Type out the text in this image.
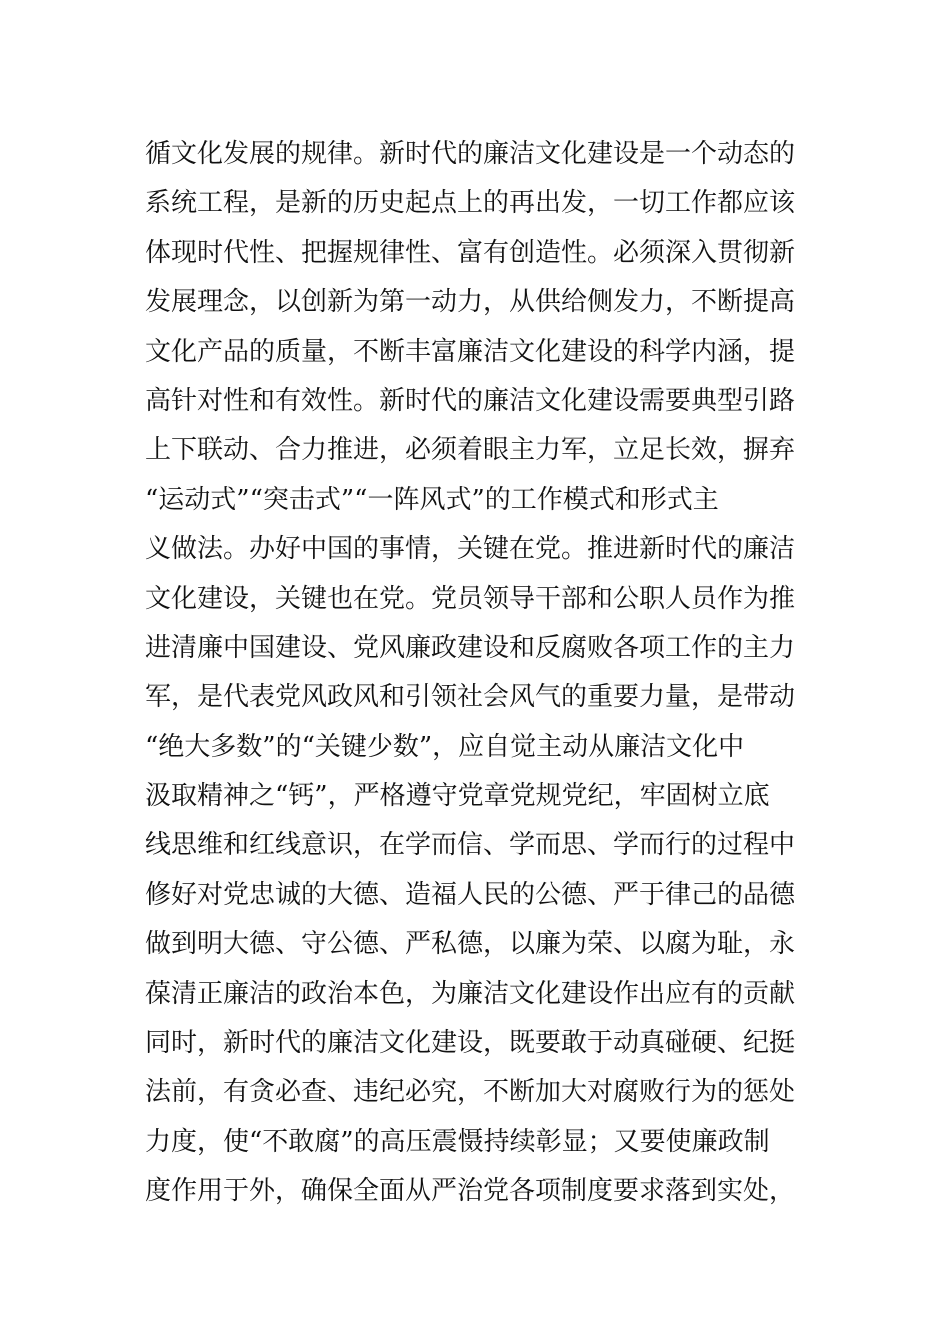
循文化发展的规律。新时代的廉洁文化建设是一个动态的
系统工程，是新的历史起点上的再出发，一切工作都应该
体现时代性、把握规律性、富有创造性。必须深入贯彻新
发展理念，以创新为第一动力，从供给侧发力，不断提高
文化产品的质量，不断丰富廉洁文化建设的科学内涵，提
高针对性和有效性。新时代的廉洁文化建设需要典型引路
上下联动、合力推进，必须着眼主力军，立足长效，摒弃
“运动式”“突击式”“一阵风式”的工作模式和形式主
义做法。办好中国的事情，关键在党。推进新时代的廉洁
文化建设，关键也在党。党员领导干部和公职人员作为推
进清廉中国建设、党风廉政建设和反腐败各项工作的主力
军，是代表党风政风和引领社会风气的重要力量，是带动
“绝大多数”的“关键少数”，应自觉主动从廉洁文化中
汲取精神之“钙”，严格遵守党章党规党纪，牢固树立底
线思维和红线意识，在学而信、学而思、学而行的过程中
修好对党忠诚的大德、造福人民的公德、严于律己的品德
做到明大德、守公德、严私德，以廉为荣、以腐为耻，永
葆清正廉洁的政治本色，为廉洁文化建设作出应有的贡献
同时，新时代的廉洁文化建设，既要敢于动真碰硬、纪挺
法前，有贪必查、违纪必究，不断加大对腐败行为的惩处
力度，使“不敢腐”的高压震慑持续彰显；又要使廉政制
度作用于外，确保全面从严治党各项制度要求落到实处，
